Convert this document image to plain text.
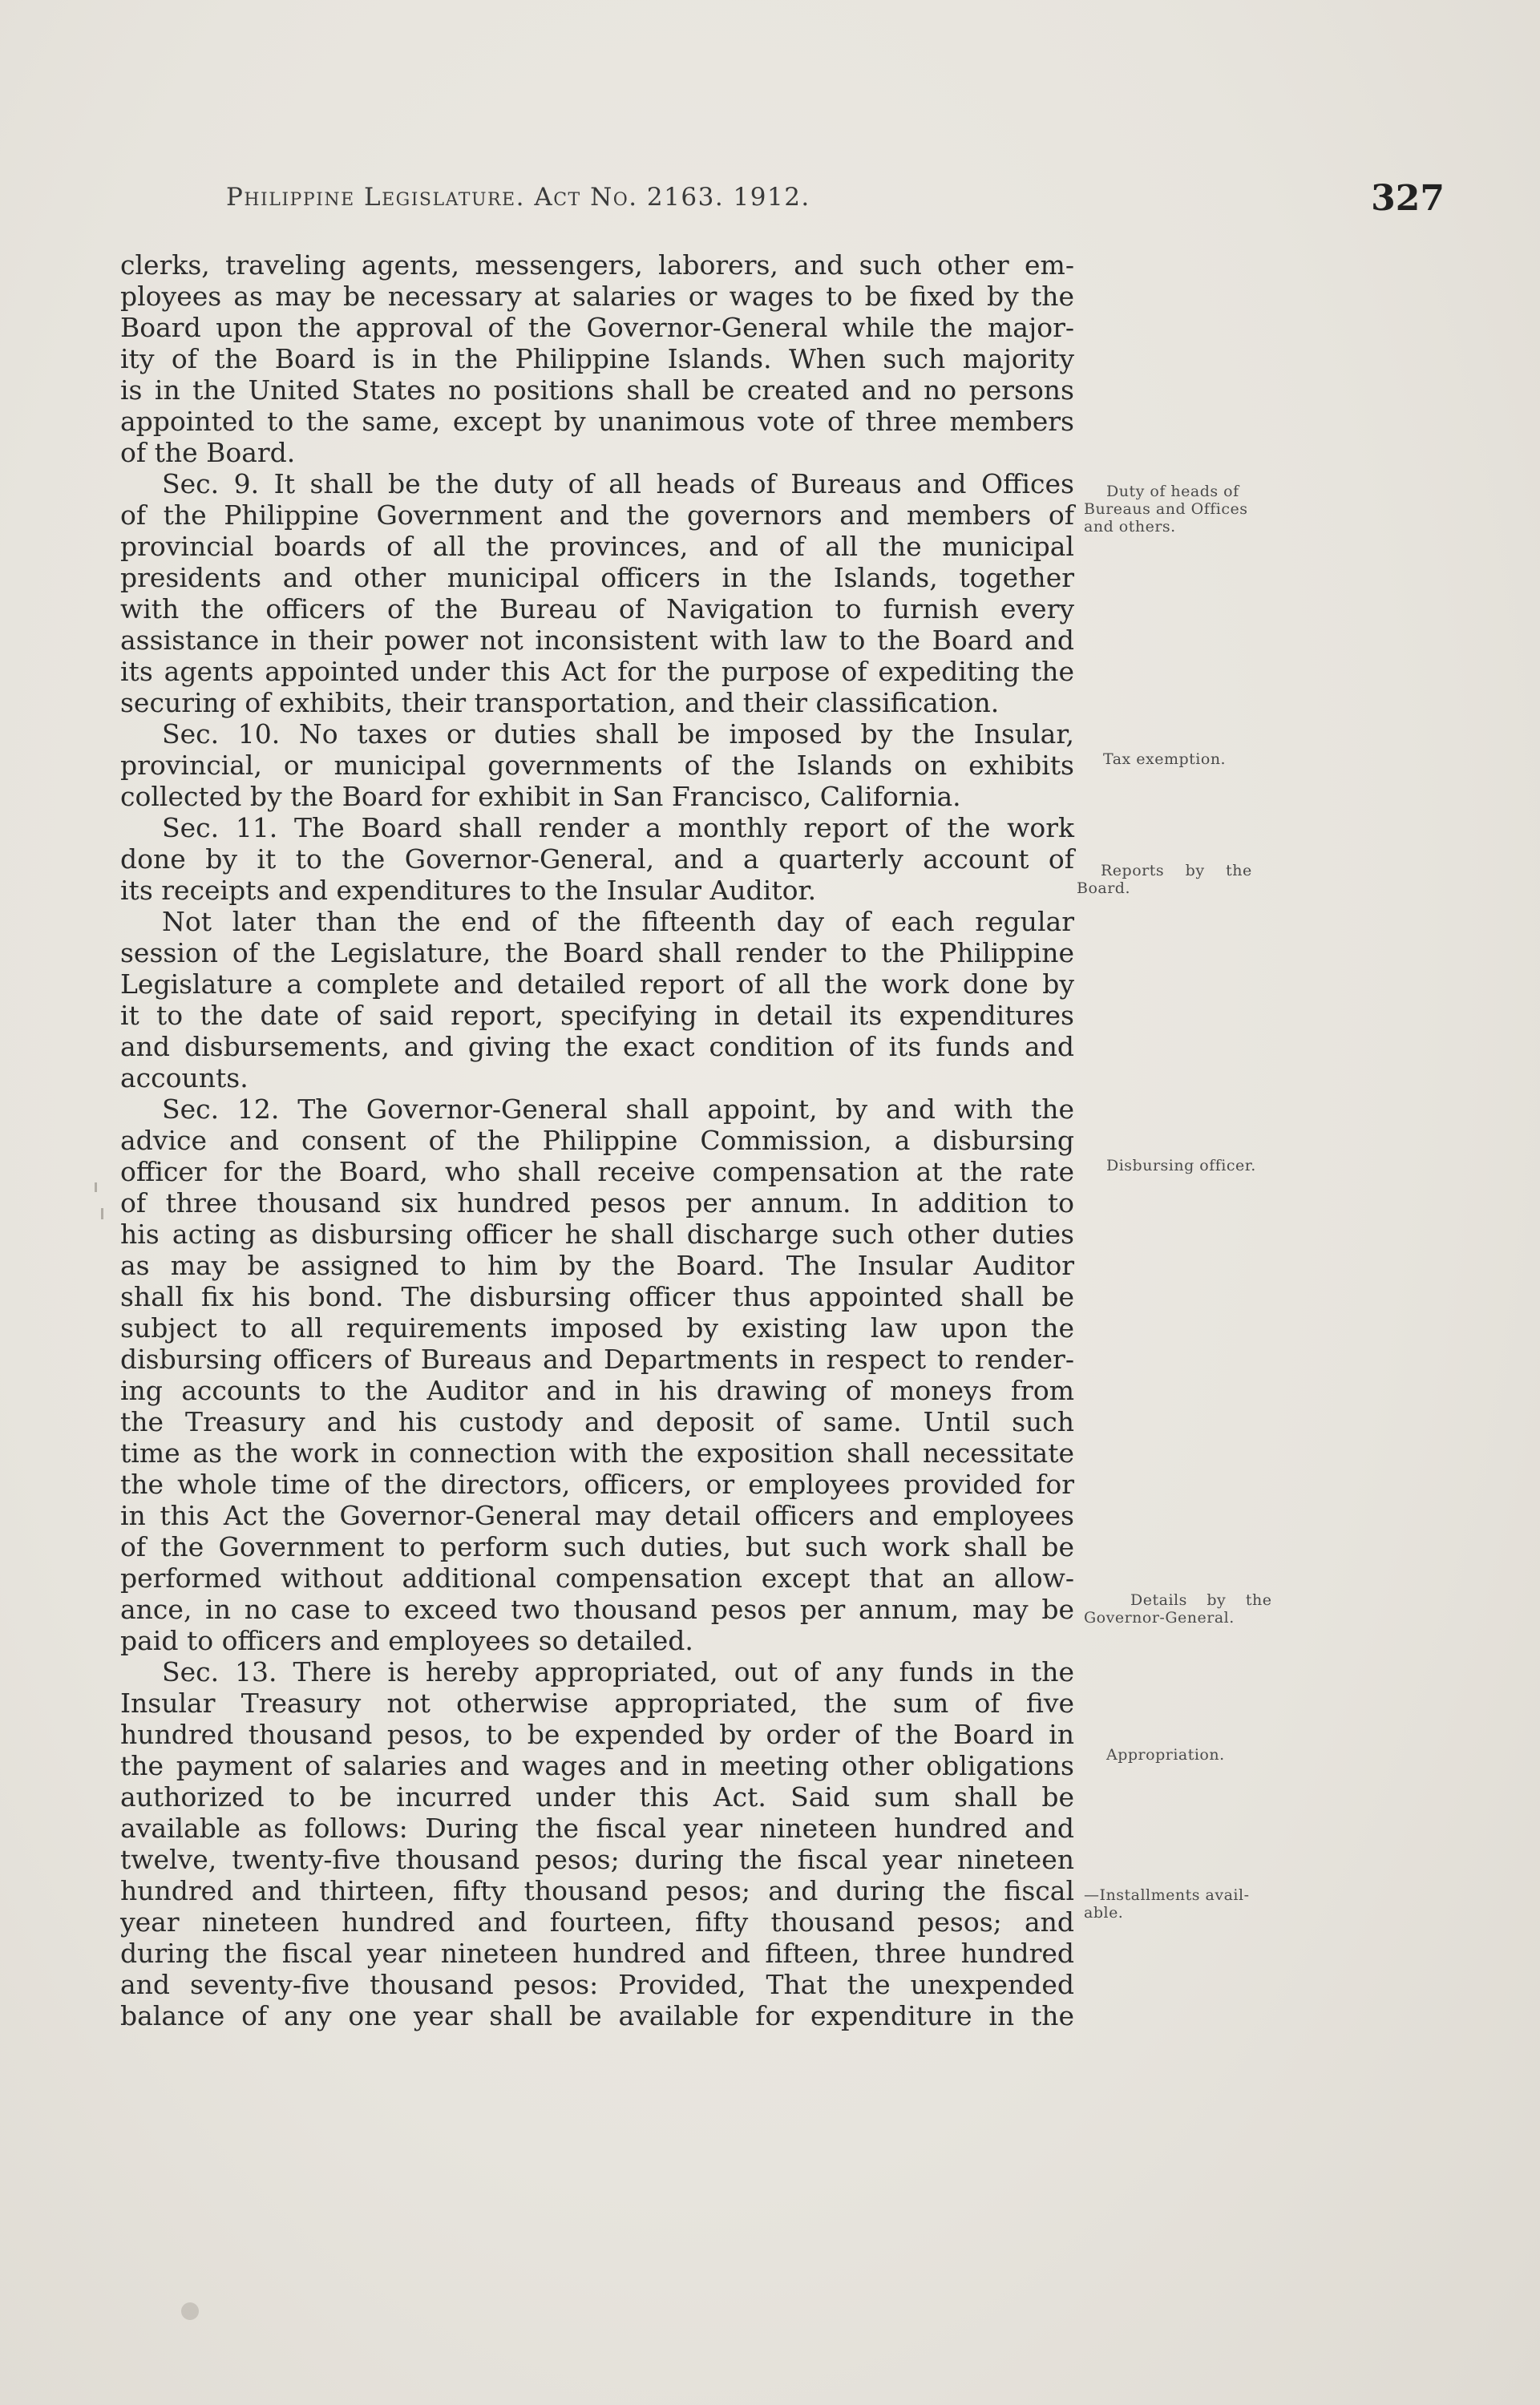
Philippine Legislature. Act No. 2163. 1912.	327
clerks, traveling agents, messengers, laborers, and such other em-
ployees as may be necessary at salaries or wages to be fixed by the
Board upon the approval of the Governor-General while the major-
ity of the Board is in the Philippine Islands. When such majority
is in the United States no positions shall be created and no persons
appointed to the same, except by unanimous vote of three members
of the Board.
Sec. 9. It shall be the duty of all heads of Bureaus and Offices
of the Philippine Government and the governors and members of
provincial boards of all the provinces, and of all the municipal
presidents and other municipal officers in the Islands, together
with the officers of the Bureau of Navigation to furnish every
assistance in their power not inconsistent with law to the Board and
its agents appointed under this Act for the purpose of expediting the
securing of exhibits, their transportation, and their classification.
Sec. 10. No taxes or duties shall be imposed by the Insular,
provincial, or municipal governments of the Islands on exhibits
collected by the Board for exhibit in San Francisco, California.
Sec. 11. The Board shall render a monthly report of the work
done by it to the Governor-General, and a quarterly account of
its receipts and expenditures to the Insular Auditor.
Not later than the end of the fifteenth day of each regular
session of the Legislature, the Board shall render to the Philippine
Legislature a complete and detailed report of all the work done by
it to the date of said report, specifying in detail its expenditures
and disbursements, and giving the exact condition of its funds and
accounts.
Sec. 12. The Governor-General shall appoint, by and with the
advice and consent of the Philippine Commission, a disbursing
officer for the Board, who shall receive compensation at the rate
of three thousand six hundred pesos per annum. In addition to
his acting as disbursing officer he shall discharge such other duties
as may be assigned to him by the Board. The Insular Auditor
shall fix his bond. The disbursing officer thus appointed shall be
subject to all requirements imposed by existing law upon the
disbursing officers of Bureaus and Departments in respect to render-
ing accounts to the Auditor and in his drawing of moneys from
the Treasury and his custody and deposit of same. Until such
time as the work in connection with the exposition shall necessitate
the whole time of the directors, officers, or employees provided for
in this Act the Governor-General may detail officers and employees
of the Government to perform such duties, but such work shall be
performed without additional compensation except that an allow-
ance, in no case to exceed two thousand pesos per annum, may be
paid to officers and employees so detailed.
Sec. 13. There is hereby appropriated, out of any funds in the
Insular Treasury not otherwise appropriated, the sum of five
hundred thousand pesos, to be expended by order of the Board in
the payment of salaries and wages and in meeting other obligations
authorized to be incurred under this Act. Said sum shall be
available as follows: During the fiscal year nineteen hundred and
twelve, twenty-five thousand pesos; during the fiscal year nineteen
hundred and thirteen, fifty thousand pesos; and during the fiscal
year nineteen hundred and fourteen, fifty thousand pesos; and
during the fiscal year nineteen hundred and fifteen, three hundred
and seventy-five thousand pesos: Provided, That the unexpended
balance of any one year shall be available for expenditure in the
Duty of heads of
Bureaus and Offices
and others.
Tax exemption.
Reports by the
Board.
Disbursing officer.
Details by the
Governor-General.
Appropriation.
—Installments avail-
able.
